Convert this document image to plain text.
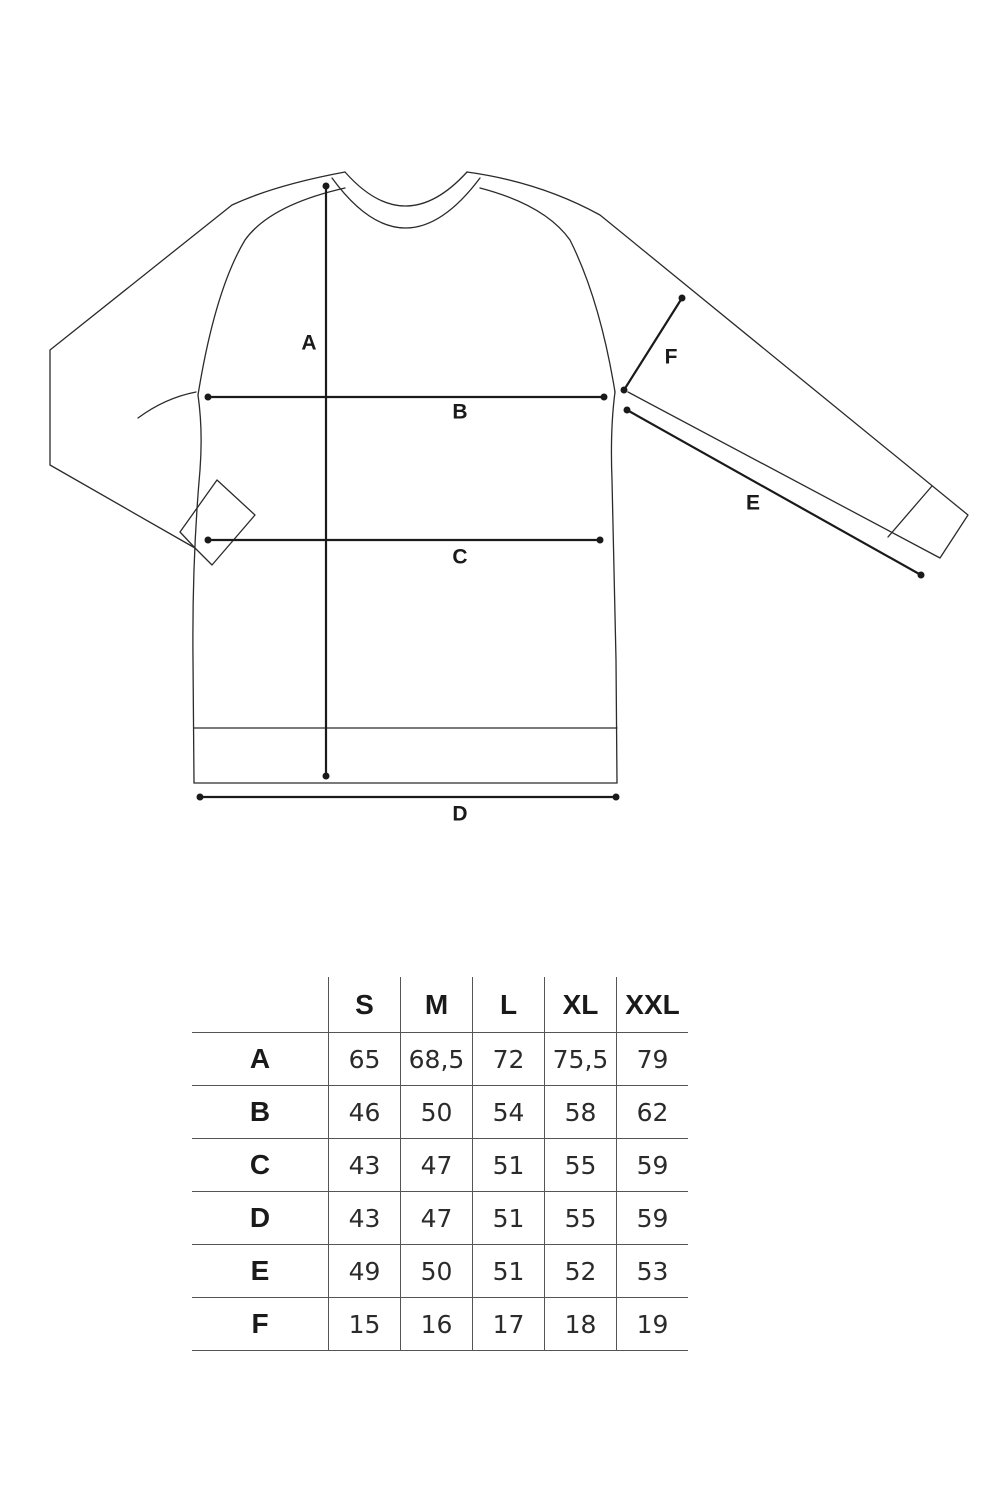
A
B
C
D
E
F
	S	M	L	XL	XXL
A	65	68,5	72	75,5	79
B	46	50	54	58	62
C	43	47	51	55	59
D	43	47	51	55	59
E	49	50	51	52	53
F	15	16	17	18	19
